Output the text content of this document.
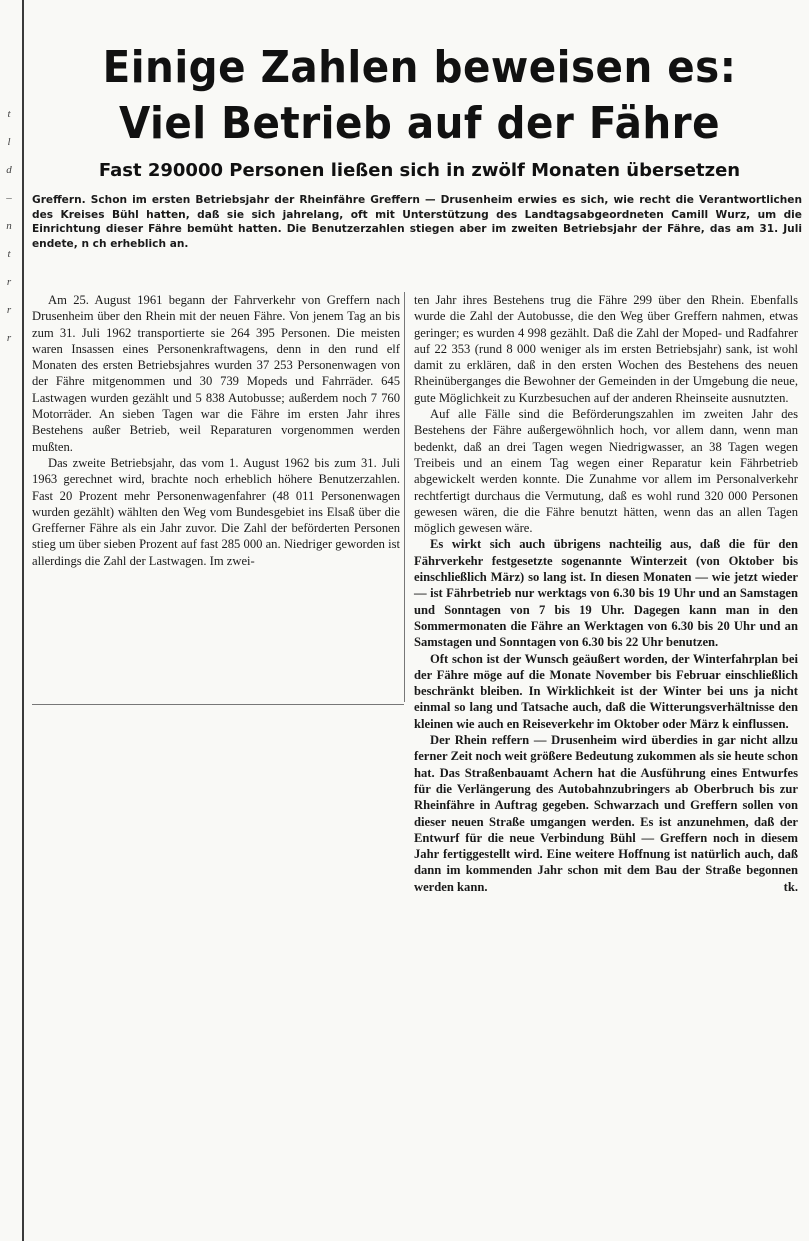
t
l
d
–
n
t
r
r
r
Einige Zahlen beweisen es:
Viel Betrieb auf der Fähre
Fast 290000 Personen ließen sich in zwölf Monaten übersetzen
Greffern. Schon im ersten Betriebsjahr der Rheinfähre Greffern — Drusenheim erwies es sich, wie recht die Verantwortlichen des Kreises Bühl hatten, daß sie sich jahrelang, oft mit Unterstützung des Landtagsabgeordneten Camill Wurz, um die Einrichtung dieser Fähre bemüht hatten. Die Benutzerzahlen stiegen aber im zweiten Betriebsjahr der Fähre, das am 31. Juli endete, n ch erheblich an.

Am 25. August 1961 begann der Fahrverkehr von Greffern nach Drusenheim über den Rhein mit der neuen Fähre. Von jenem Tag an bis zum 31. Juli 1962 transportierte sie 264 395 Personen. Die meisten waren Insassen eines Personenkraftwagens, denn in den rund elf Monaten des ersten Betriebsjahres wurden 37 253 Personenwagen von der Fähre mitgenommen und 30 739 Mopeds und Fahrräder. 645 Lastwagen wurden gezählt und 5 838 Autobusse; außerdem noch 7 760 Motorräder. An sieben Tagen war die Fähre im ersten Jahr ihres Bestehens außer Betrieb, weil Reparaturen vorgenommen werden mußten.

Das zweite Betriebsjahr, das vom 1. August 1962 bis zum 31. Juli 1963 gerechnet wird, brachte noch erheblich höhere Benutzerzahlen. Fast 20 Prozent mehr Personenwagenfahrer (48 011 Personenwagen wurden gezählt) wählten den Weg vom Bundesgebiet ins Elsaß über die Grefferner Fähre als ein Jahr zuvor. Die Zahl der beförderten Personen stieg um über sieben Prozent auf fast 285 000 an. Niedriger geworden ist allerdings die Zahl der Lastwagen. Im zwei-

ten Jahr ihres Bestehens trug die Fähre 299 über den Rhein. Ebenfalls wurde die Zahl der Autobusse, die den Weg über Greffern nahmen, etwas geringer; es wurden 4 998 gezählt. Daß die Zahl der Moped- und Radfahrer auf 22 353 (rund 8 000 weniger als im ersten Betriebsjahr) sank, ist wohl damit zu erklären, daß in den ersten Wochen des Bestehens des neuen Rheinüberganges die Bewohner der Gemeinden in der Umgebung die neue, gute Möglichkeit zu Kurzbesuchen auf der anderen Rheinseite ausnutzten.

Auf alle Fälle sind die Beförderungszahlen im zweiten Jahr des Bestehens der Fähre außergewöhnlich hoch, vor allem dann, wenn man bedenkt, daß an drei Tagen wegen Niedrigwasser, an 38 Tagen wegen Treibeis und an einem Tag wegen einer Reparatur kein Fährbetrieb abgewickelt werden konnte. Die Zunahme vor allem im Personalverkehr rechtfertigt durchaus die Vermutung, daß es wohl rund 320 000 Personen gewesen wären, die die Fähre benutzt hätten, wenn das an allen Tagen möglich gewesen wäre.

Es wirkt sich auch übrigens nachteilig aus, daß die für den Fährverkehr festgesetzte sogenannte Winterzeit (von Oktober bis einschließlich März) so lang ist. In diesen Monaten — wie jetzt wieder — ist Fährbetrieb nur werktags von 6.30 bis 19 Uhr und an Samstagen und Sonntagen von 7 bis 19 Uhr. Dagegen kann man in den Sommermonaten die Fähre an Werktagen von 6.30 bis 20 Uhr und an Samstagen und Sonntagen von 6.30 bis 22 Uhr benutzen.

Oft schon ist der Wunsch geäußert worden, der Winterfahrplan bei der Fähre möge auf die Monate November bis Februar einschließlich beschränkt bleiben. In Wirklichkeit ist der Winter bei uns ja nicht einmal so lang und Tatsache auch, daß die Witterungsverhältnisse den kleinen wie auch en Reiseverkehr im Oktober oder März k einflussen.

Der Rhein reffern — Drusenheim wird überdies in gar nicht allzu ferner Zeit noch weit größere Bedeutung zukommen als sie heute schon hat. Das Straßenbauamt Achern hat die Ausführung eines Entwurfes für die Verlängerung des Autobahnzubringers ab Oberbruch bis zur Rheinfähre in Auftrag gegeben. Schwarzach und Greffern sollen von dieser neuen Straße umgangen werden. Es ist anzunehmen, daß der Entwurf für die neue Verbindung Bühl — Greffern noch in diesem Jahr fertiggestellt wird. Eine weitere Hoffnung ist natürlich auch, daß dann im kommenden Jahr schon mit dem Bau der Straße begonnen werden kann.	tk.
